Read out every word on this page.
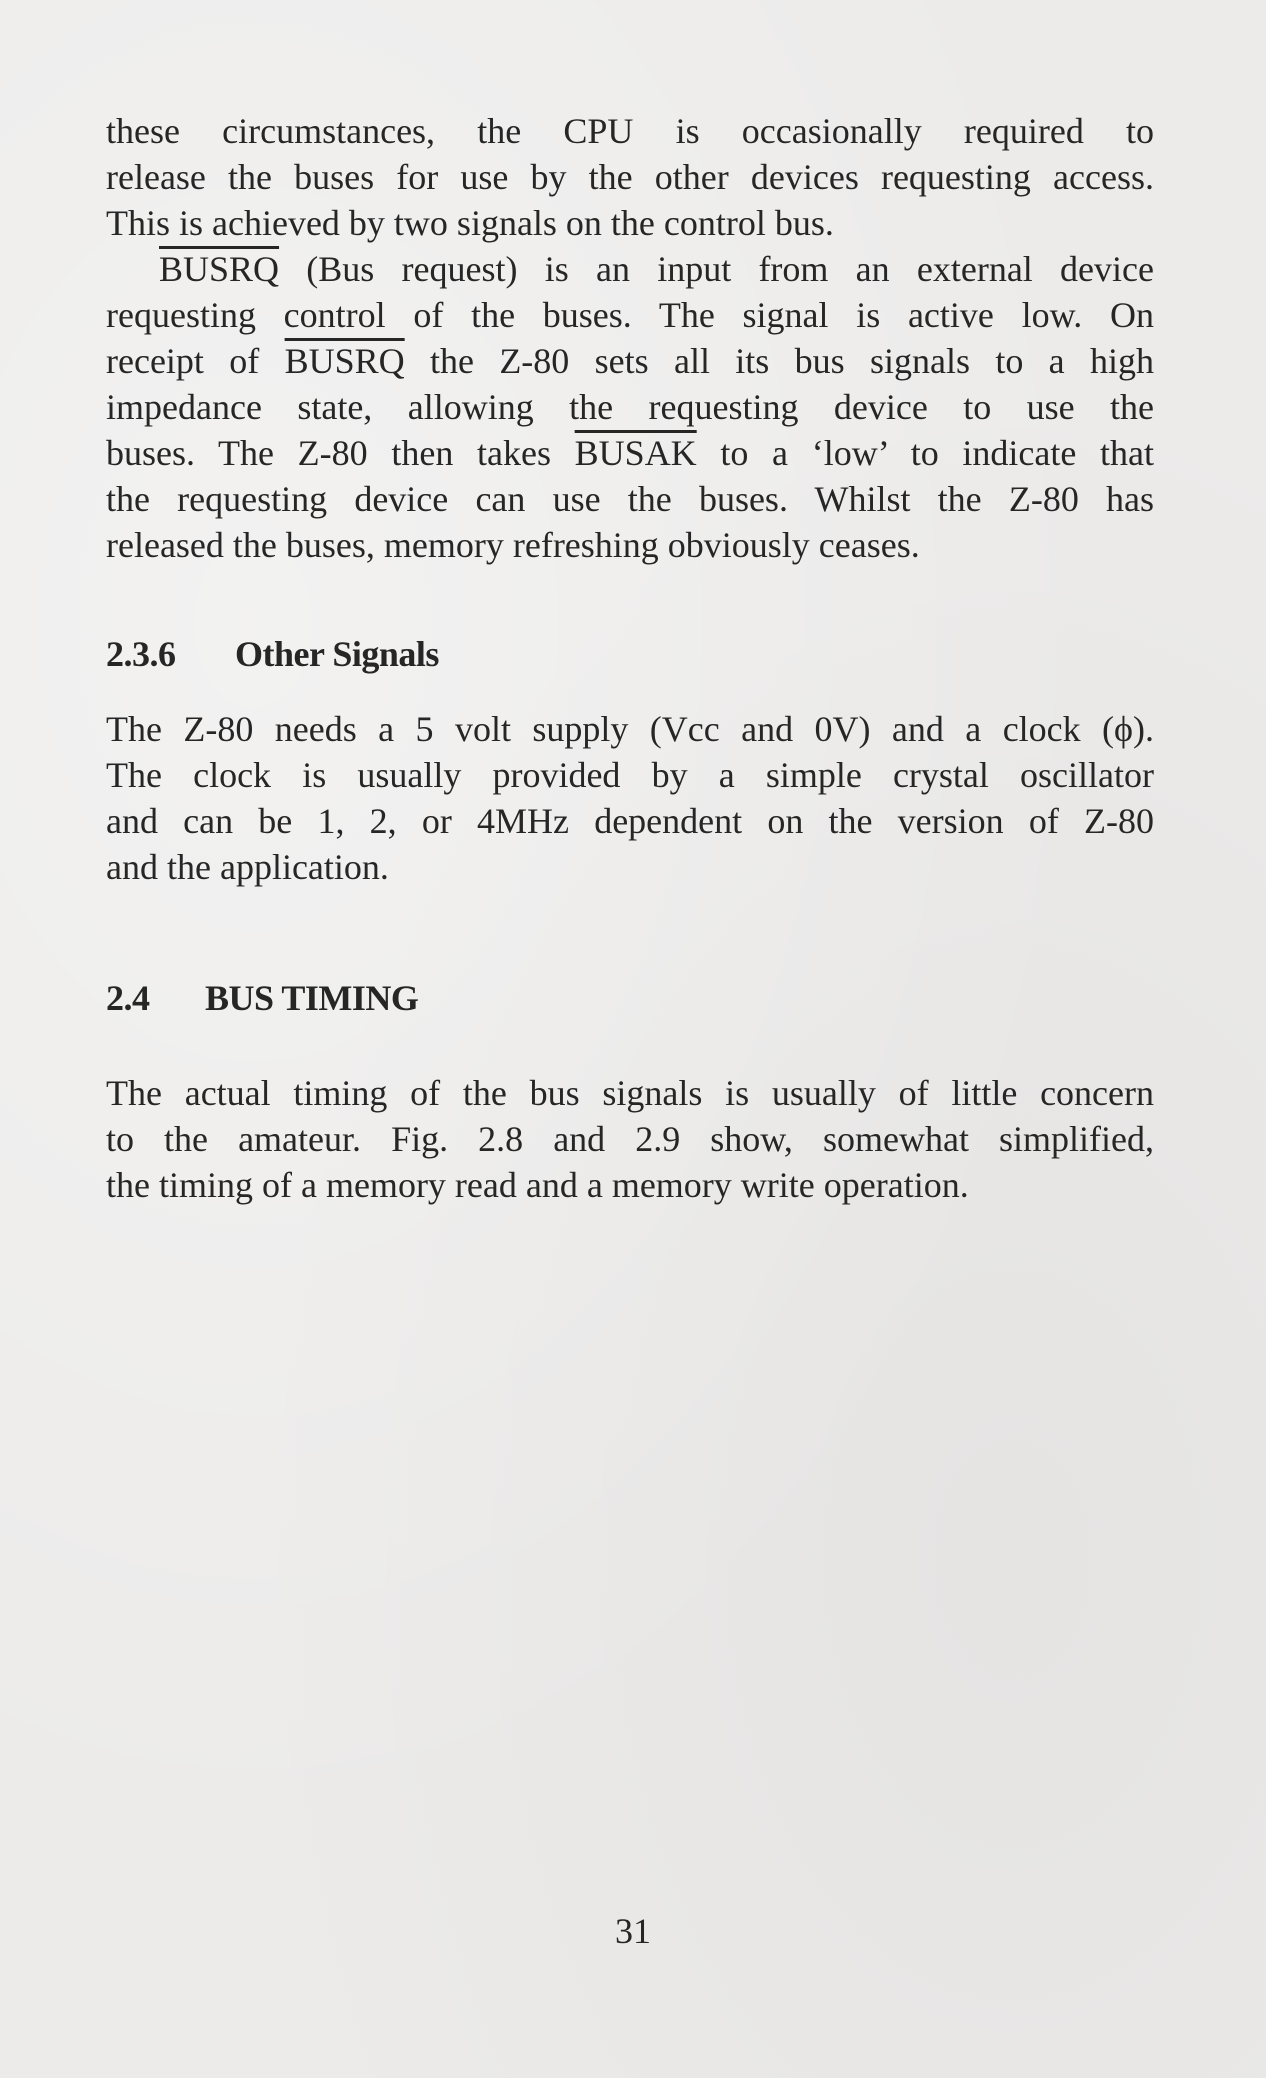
these circumstances, the CPU is occasionally required to
release the buses for use by the other devices requesting access.
This is achieved by two signals on the control bus.
BUSRQ (Bus request) is an input from an external device
requesting control of the buses. The signal is active low. On
receipt of BUSRQ the Z-80 sets all its bus signals to a high
impedance state, allowing the requesting device to use the
buses. The Z-80 then takes BUSAK to a ‘low’ to indicate that
the requesting device can use the buses. Whilst the Z-80 has
released the buses, memory refreshing obviously ceases.
2.3.6 Other Signals
The Z-80 needs a 5 volt supply (Vcc and 0V) and a clock (ϕ).
The clock is usually provided by a simple crystal oscillator
and can be 1, 2, or 4MHz dependent on the version of Z-80
and the application.
2.4 BUS TIMING
The actual timing of the bus signals is usually of little concern
to the amateur. Fig. 2.8 and 2.9 show, somewhat simplified,
the timing of a memory read and a memory write operation.
31
